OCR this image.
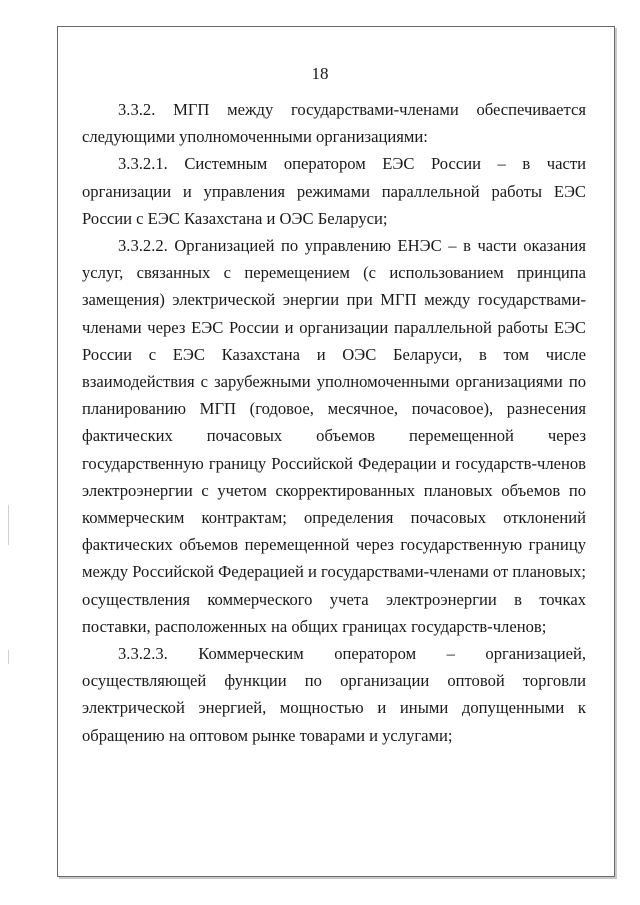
18

3.3.2. МГП между государствами-членами обеспечивается следующими уполномоченными организациями:

3.3.2.1. Системным оператором ЕЭС России – в части организации и управления режимами параллельной работы ЕЭС России с ЕЭС Казахстана и ОЭС Беларуси;

3.3.2.2. Организацией по управлению ЕНЭС – в части оказания услуг, связанных с перемещением (с использованием принципа замещения) электрической энергии при МГП между государствами-членами через ЕЭС России и организации параллельной работы ЕЭС России с ЕЭС Казахстана и ОЭС Беларуси, в том числе взаимодействия с зарубежными уполномоченными организациями по планированию МГП (годовое, месячное, почасовое), разнесения фактических почасовых объемов перемещенной через государственную границу Российской Федерации и государств-членов электроэнергии с учетом скорректированных плановых объемов по коммерческим контрактам; определения почасовых отклонений фактических объемов перемещенной через государственную границу между Российской Федерацией и государствами-членами от плановых; осуществления коммерческого учета электроэнергии в точках поставки, расположенных на общих границах государств-членов;

3.3.2.3. Коммерческим оператором – организацией, осуществляющей функции по организации оптовой торговли электрической энергией, мощностью и иными допущенными к обращению на оптовом рынке товарами и услугами;
